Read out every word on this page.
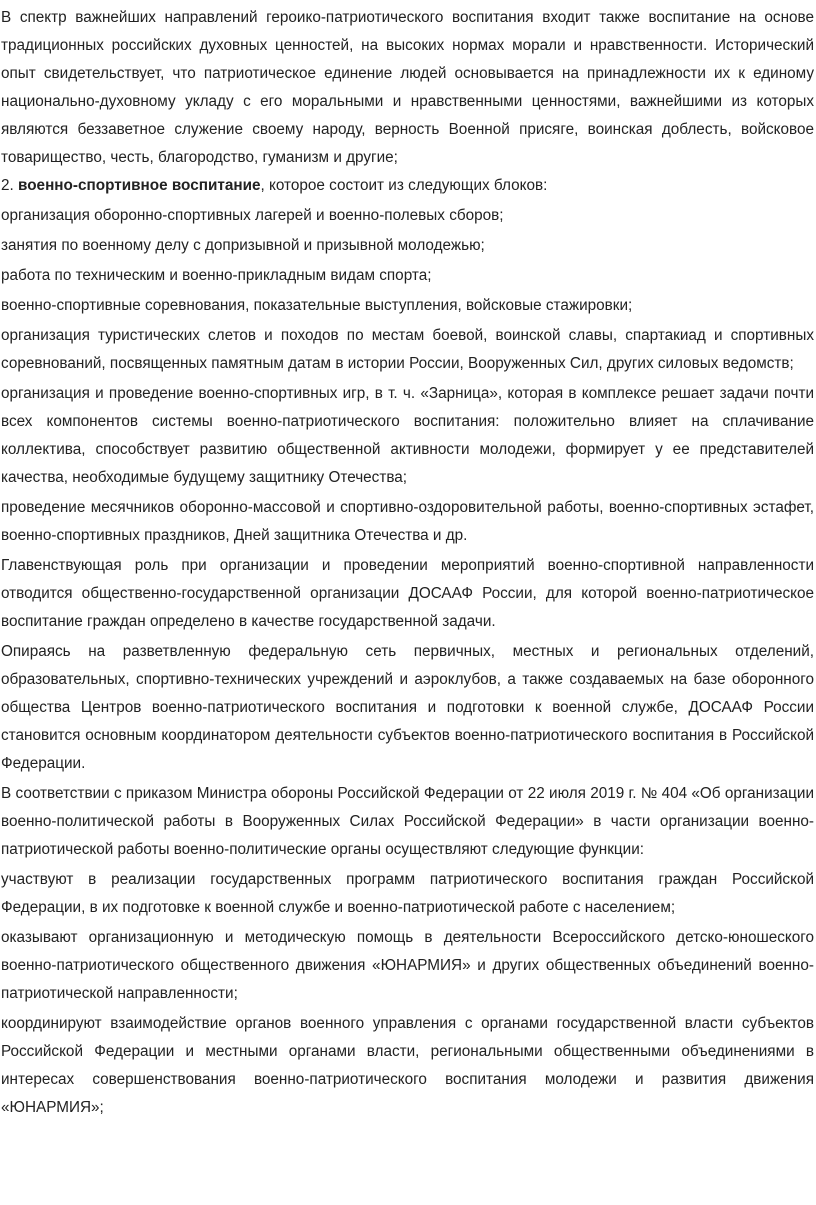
В спектр важнейших направлений героико-патриотического воспитания входит также воспитание на основе традиционных российских духовных ценностей, на высоких нормах морали и нравственности. Исторический опыт свидетельствует, что патриотическое единение людей основывается на принадлежности их к единому национально-духовному укладу с его моральными и нравственными ценностями, важнейшими из которых являются беззаветное служение своему народу, верность Военной присяге, воинская доблесть, войсковое товарищество, честь, благородство, гуманизм и другие;

2. военно-спортивное воспитание, которое состоит из следующих блоков:

организация оборонно-спортивных лагерей и военно-полевых сборов;

занятия по военному делу с допризывной и призывной молодежью;

работа по техническим и военно-прикладным видам спорта;

военно-спортивные соревнования, показательные выступления, войсковые стажировки;

организация туристических слетов и походов по местам боевой, воинской славы, спартакиад и спортивных соревнований, посвященных памятным датам в истории России, Вооруженных Сил, других силовых ведомств;

организация и проведение военно-спортивных игр, в т. ч. «Зарница», которая в комплексе решает задачи почти всех компонентов системы военно-патриотического воспитания: положительно влияет на сплачивание коллектива, способствует развитию общественной активности молодежи, формирует у ее представителей качества, необходимые будущему защитнику Отечества;

проведение месячников оборонно-массовой и спортивно-оздоровительной работы, военно-спортивных эстафет, военно-спортивных праздников, Дней защитника Отечества и др.

Главенствующая роль при организации и проведении мероприятий военно-спортивной направленности отводится общественно-государственной организации ДОСААФ России, для которой военно-патриотическое воспитание граждан определено в качестве государственной задачи.

Опираясь на разветвленную федеральную сеть первичных, местных и региональных отделений, образовательных, спортивно-технических учреждений и аэроклубов, а также создаваемых на базе оборонного общества Центров военно-патриотического воспитания и подготовки к военной службе, ДОСААФ России становится основным координатором деятельности субъектов военно-патриотического воспитания в Российской Федерации.

В соответствии с приказом Министра обороны Российской Федерации от 22 июля 2019 г. № 404 «Об организации военно-политической работы в Вооруженных Силах Российской Федерации» в части организации военно-патриотической работы военно-политические органы осуществляют следующие функции:

участвуют в реализации государственных программ патриотического воспитания граждан Российской Федерации, в их подготовке к военной службе и военно-патриотической работе с населением;

оказывают организационную и методическую помощь в деятельности Всероссийского детско-юношеского военно-патриотического общественного движения «ЮНАРМИЯ» и других общественных объединений военно-патриотической направленности;

координируют взаимодействие органов военного управления с органами государственной власти субъектов Российской Федерации и местными органами власти, региональными общественными объединениями в интересах совершенствования военно-патриотического воспитания молодежи и развития движения «ЮНАРМИЯ»;
